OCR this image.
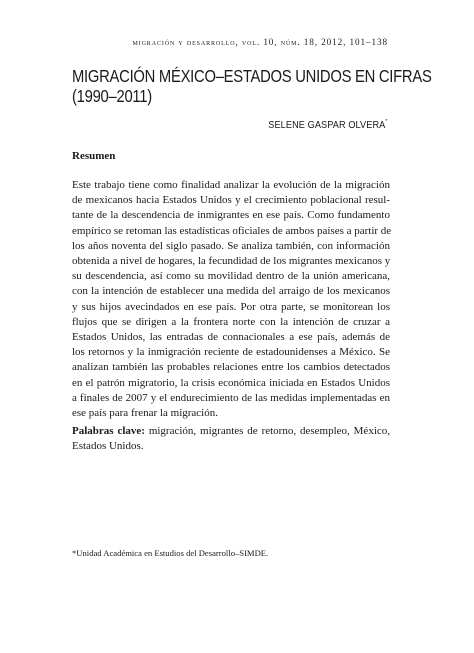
migración y desarrollo, vol. 10, núm. 18, 2012, 101–138
MIGRACIÓN MÉXICO–ESTADOS UNIDOS EN CIFRAS
(1990–2011)
SELENE GASPAR OLVERA*
Resumen
Este trabajo tiene como finalidad analizar la evolución de la migración
de mexicanos hacia Estados Unidos y el crecimiento poblacional resul-
tante de la descendencia de inmigrantes en ese país. Como fundamento
empírico se retoman las estadísticas oficiales de ambos países a partir de
los años noventa del siglo pasado. Se analiza también, con información
obtenida a nivel de hogares, la fecundidad de los migrantes mexicanos y
su descendencia, así como su movilidad dentro de la unión americana,
con la intención de establecer una medida del arraigo de los mexicanos
y sus hijos avecindados en ese país. Por otra parte, se monitorean los
flujos que se dirigen a la frontera norte con la intención de cruzar a
Estados Unidos, las entradas de connacionales a ese país, además de
los retornos y la inmigración reciente de estadounidenses a México. Se
analizan también las probables relaciones entre los cambios detectados
en el patrón migratorio, la crisis económica iniciada en Estados Unidos
a finales de 2007 y el endurecimiento de las medidas implementadas en
ese país para frenar la migración.
Palabras clave: migración, migrantes de retorno, desempleo, México,
Estados Unidos.

*Unidad Académica en Estudios del Desarrollo–SIMDE.
